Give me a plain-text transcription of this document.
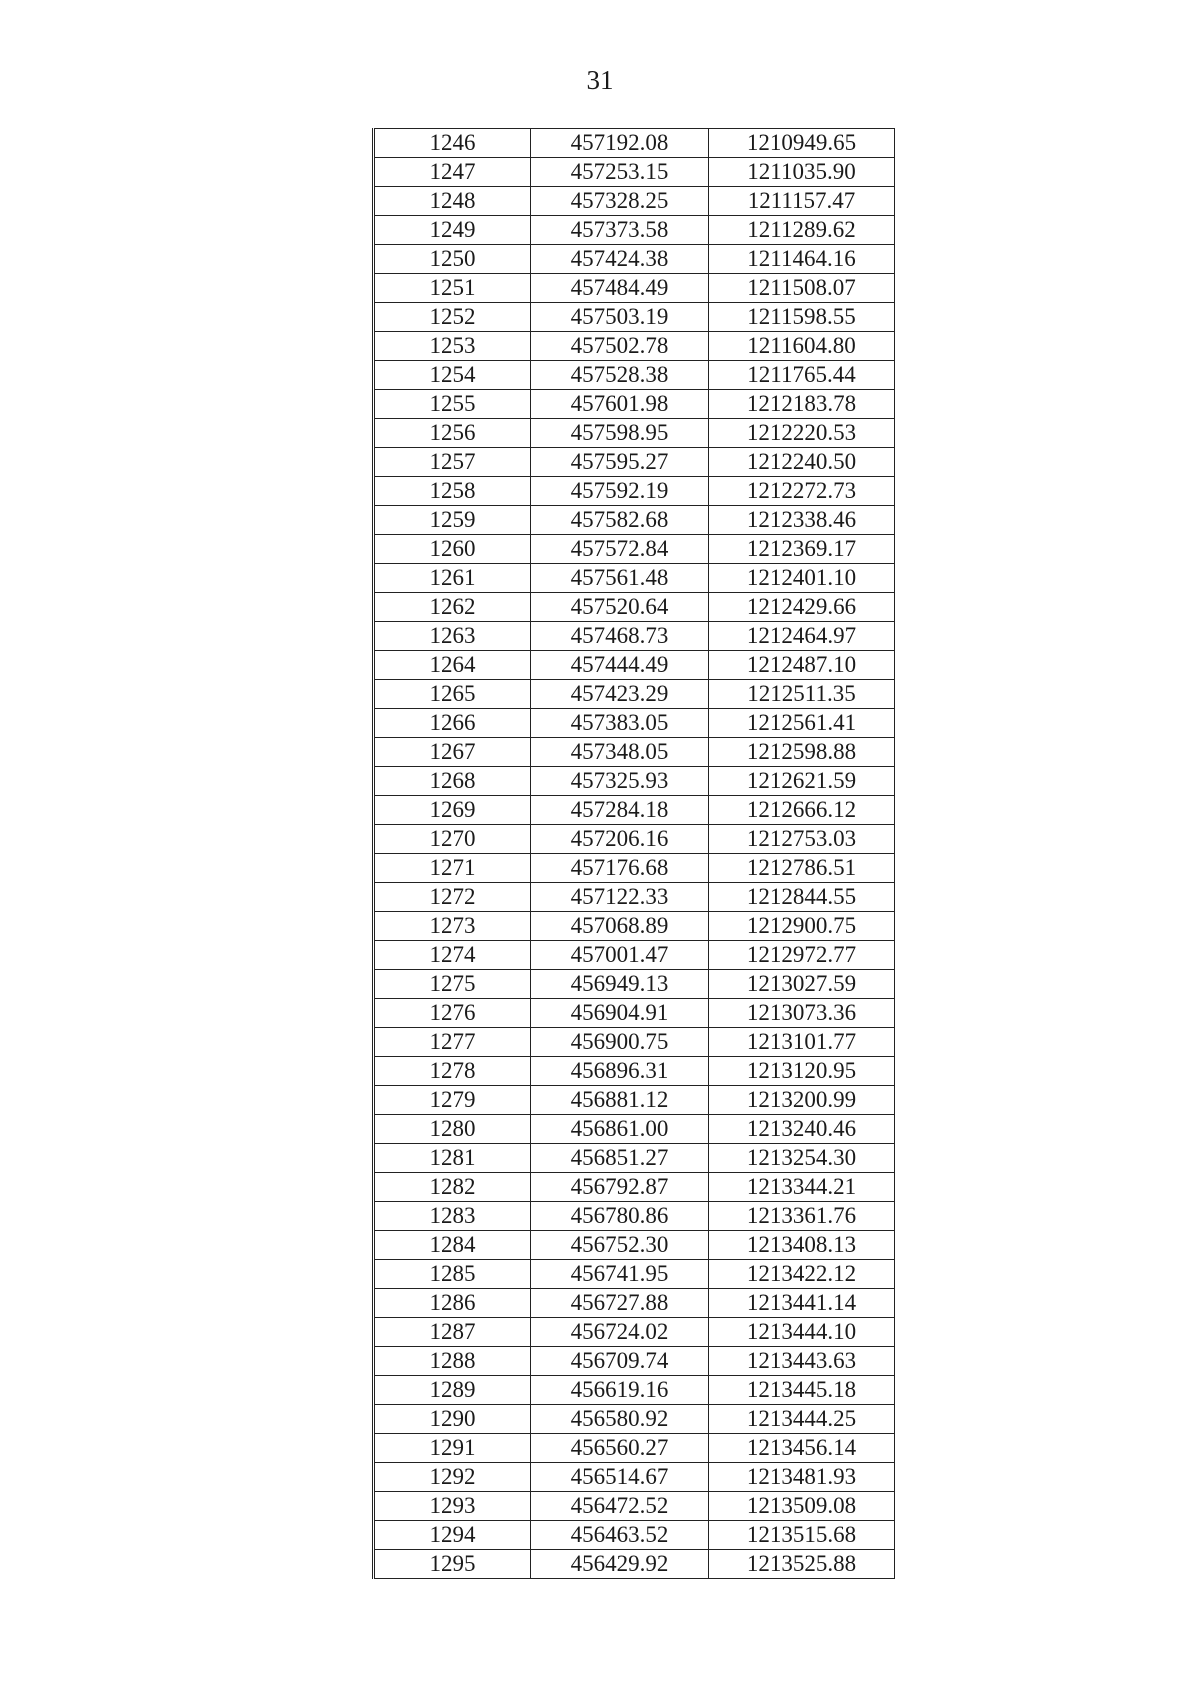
31
1246	457192.08	1210949.65
1247	457253.15	1211035.90
1248	457328.25	1211157.47
1249	457373.58	1211289.62
1250	457424.38	1211464.16
1251	457484.49	1211508.07
1252	457503.19	1211598.55
1253	457502.78	1211604.80
1254	457528.38	1211765.44
1255	457601.98	1212183.78
1256	457598.95	1212220.53
1257	457595.27	1212240.50
1258	457592.19	1212272.73
1259	457582.68	1212338.46
1260	457572.84	1212369.17
1261	457561.48	1212401.10
1262	457520.64	1212429.66
1263	457468.73	1212464.97
1264	457444.49	1212487.10
1265	457423.29	1212511.35
1266	457383.05	1212561.41
1267	457348.05	1212598.88
1268	457325.93	1212621.59
1269	457284.18	1212666.12
1270	457206.16	1212753.03
1271	457176.68	1212786.51
1272	457122.33	1212844.55
1273	457068.89	1212900.75
1274	457001.47	1212972.77
1275	456949.13	1213027.59
1276	456904.91	1213073.36
1277	456900.75	1213101.77
1278	456896.31	1213120.95
1279	456881.12	1213200.99
1280	456861.00	1213240.46
1281	456851.27	1213254.30
1282	456792.87	1213344.21
1283	456780.86	1213361.76
1284	456752.30	1213408.13
1285	456741.95	1213422.12
1286	456727.88	1213441.14
1287	456724.02	1213444.10
1288	456709.74	1213443.63
1289	456619.16	1213445.18
1290	456580.92	1213444.25
1291	456560.27	1213456.14
1292	456514.67	1213481.93
1293	456472.52	1213509.08
1294	456463.52	1213515.68
1295	456429.92	1213525.88
